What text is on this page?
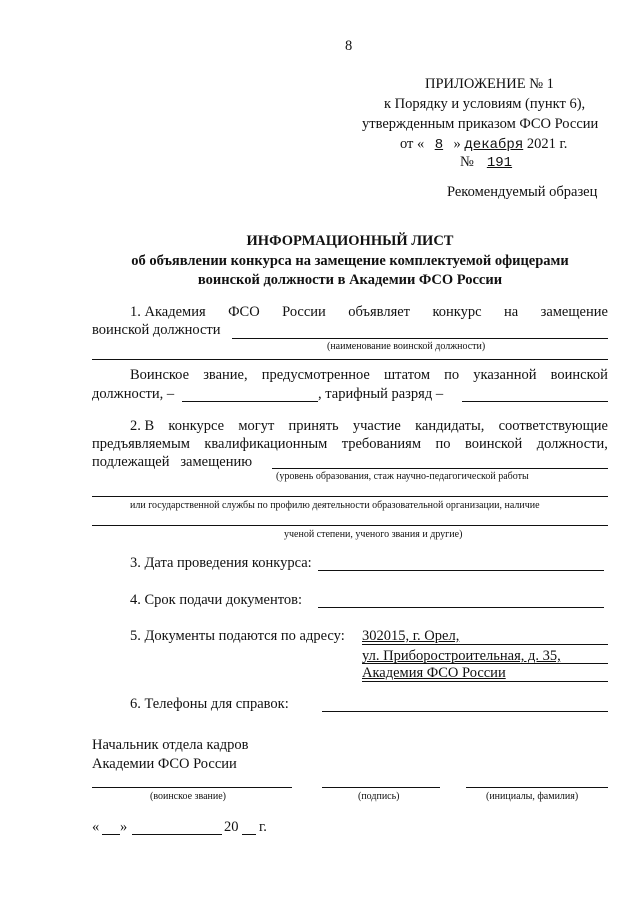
8
ПРИЛОЖЕНИЕ № 1
к Порядку и условиям (пункт 6),
утвержденным приказом ФСО России
от « 8 » декабря 2021 г.
№ 191
Рекомендуемый образец
ИНФОРМАЦИОННЫЙ ЛИСТ
об объявлении конкурса на замещение комплектуемой офицерами
воинской должности в Академии ФСО России
1. Академия ФСО России объявляет конкурс на замещение
воинской должности
(наименование воинской должности)
Воинское звание, предусмотренное штатом по указанной воинской
должности, –	, тарифный разряд –
2. В конкурсе могут принять участие кандидаты, соответствующие
предъявляемым квалификационным требованиям по воинской должности,
подлежащей   замещению
(уровень образования, стаж научно-педагогической работы
или государственной службы по профилю деятельности образовательной организации, наличие
ученой степени, ученого звания и другие)
3. Дата проведения конкурса:
4. Срок подачи документов:
5. Документы подаются по адресу: 302015, г. Орел,
ул. Приборостроительная, д. 35,
Академия ФСО России
6. Телефоны для справок:
Начальник отдела кадров
Академии ФСО России
(воинское звание)	(подпись)	(инициалы, фамилия)
« »	20 г.
